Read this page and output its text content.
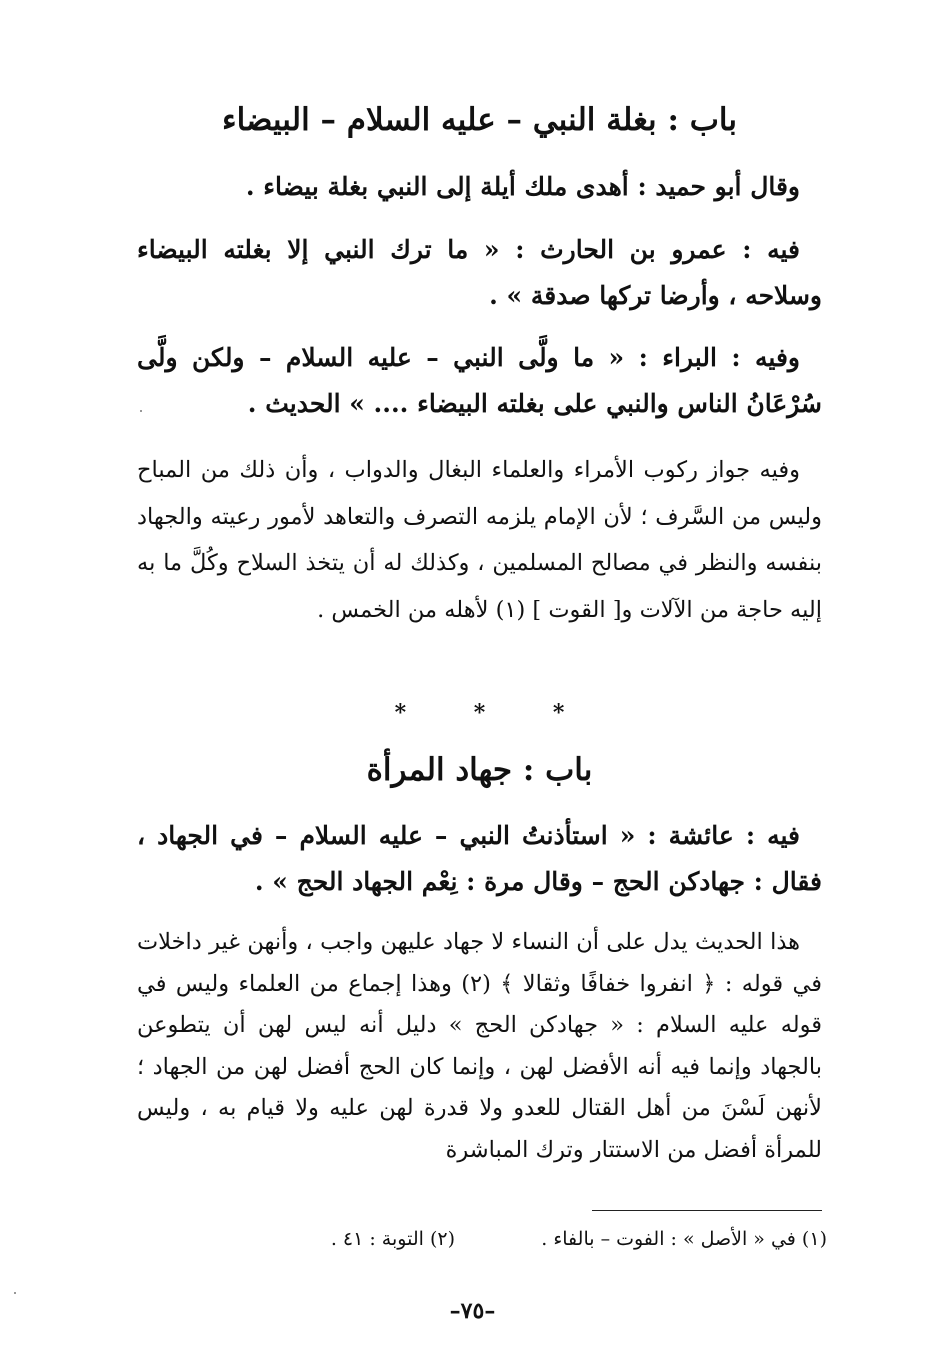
باب : بغلة النبي – عليه السلام – البيضاء
وقال أبو حميد : أهدى ملك أيلة إلى النبي بغلة بيضاء .
فيه : عمرو بن الحارث : « ما ترك النبي إلا بغلته البيضاء وسلاحه ، وأرضا تركها صدقة » .
وفيه : البراء : « ما ولَّى النبي – عليه السلام – ولكن ولَّى سُرْعَانُ الناس والنبي على بغلته البيضاء .... » الحديث .
وفيه جواز ركوب الأمراء والعلماء البغال والدواب ، وأن ذلك من المباح وليس من السَّرف ؛ لأن الإمام يلزمه التصرف والتعاهد لأمور رعيته والجهاد بنفسه والنظر في مصالح المسلمين ، وكذلك له أن يتخذ السلاح وكُلَّ ما به إليه حاجة من الآلات و[ القوت ] (١) لأهله من الخمس .
* * *
باب : جهاد المرأة
فيه : عائشة : « استأذنتُ النبي – عليه السلام – في الجهاد ، فقال : جهادكن الحج – وقال مرة : نِعْم الجهاد الحج » .
هذا الحديث يدل على أن النساء لا جهاد عليهن واجب ، وأنهن غير داخلات في قوله : ﴿ انفروا خفافًا وثقالا ﴾ (٢) وهذا إجماع من العلماء وليس في قوله عليه السلام : « جهادكن الحج » دليل أنه ليس لهن أن يتطوعن بالجهاد وإنما فيه أنه الأفضل لهن ، وإنما كان الحج أفضل لهن من الجهاد ؛ لأنهن لَسْنَ من أهل القتال للعدو ولا قدرة لهن عليه ولا قيام به ، وليس للمرأة أفضل من الاستتار وترك المباشرة
(١) في « الأصل » : الفوت – بالفاء .
(٢) التوبة : ٤١ .
–٧٥–
